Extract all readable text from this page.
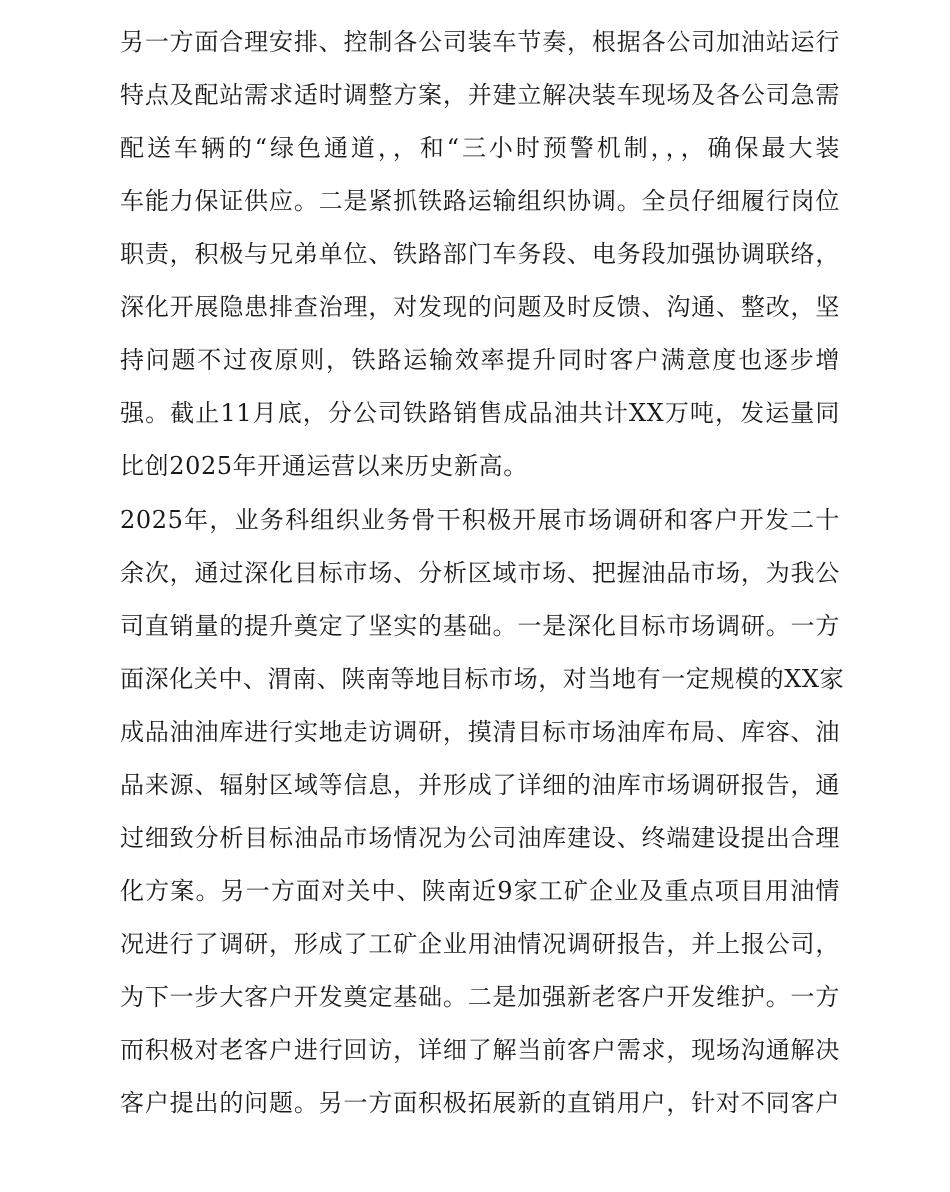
另一方面合理安排、控制各公司装车节奏，根据各公司加油站运行
特点及配站需求适时调整方案，并建立解决装车现场及各公司急需
配送车辆的“绿色通道，，和“三小时预警机制，，，确保最大装
车能力保证供应。二是紧抓铁路运输组织协调。全员仔细履行岗位
职责，积极与兄弟单位、铁路部门车务段、电务段加强协调联络，
深化开展隐患排查治理，对发现的问题及时反馈、沟通、整改，坚
持问题不过夜原则，铁路运输效率提升同时客户满意度也逐步增
强。截止11月底，分公司铁路销售成品油共计XX万吨，发运量同
比创2025年开通运营以来历史新高。
2025年，业务科组织业务骨干积极开展市场调研和客户开发二十
余次，通过深化目标市场、分析区域市场、把握油品市场，为我公
司直销量的提升奠定了坚实的基础。一是深化目标市场调研。一方
面深化关中、渭南、陕南等地目标市场，对当地有一定规模的XX家
成品油油库进行实地走访调研，摸清目标市场油库布局、库容、油
品来源、辐射区域等信息，并形成了详细的油库市场调研报告，通
过细致分析目标油品市场情况为公司油库建设、终端建设提出合理
化方案。另一方面对关中、陕南近9家工矿企业及重点项目用油情
况进行了调研，形成了工矿企业用油情况调研报告，并上报公司，
为下一步大客户开发奠定基础。二是加强新老客户开发维护。一方
而积极对老客户进行回访，详细了解当前客户需求，现场沟通解决
客户提出的问题。另一方面积极拓展新的直销用户，针对不同客户
